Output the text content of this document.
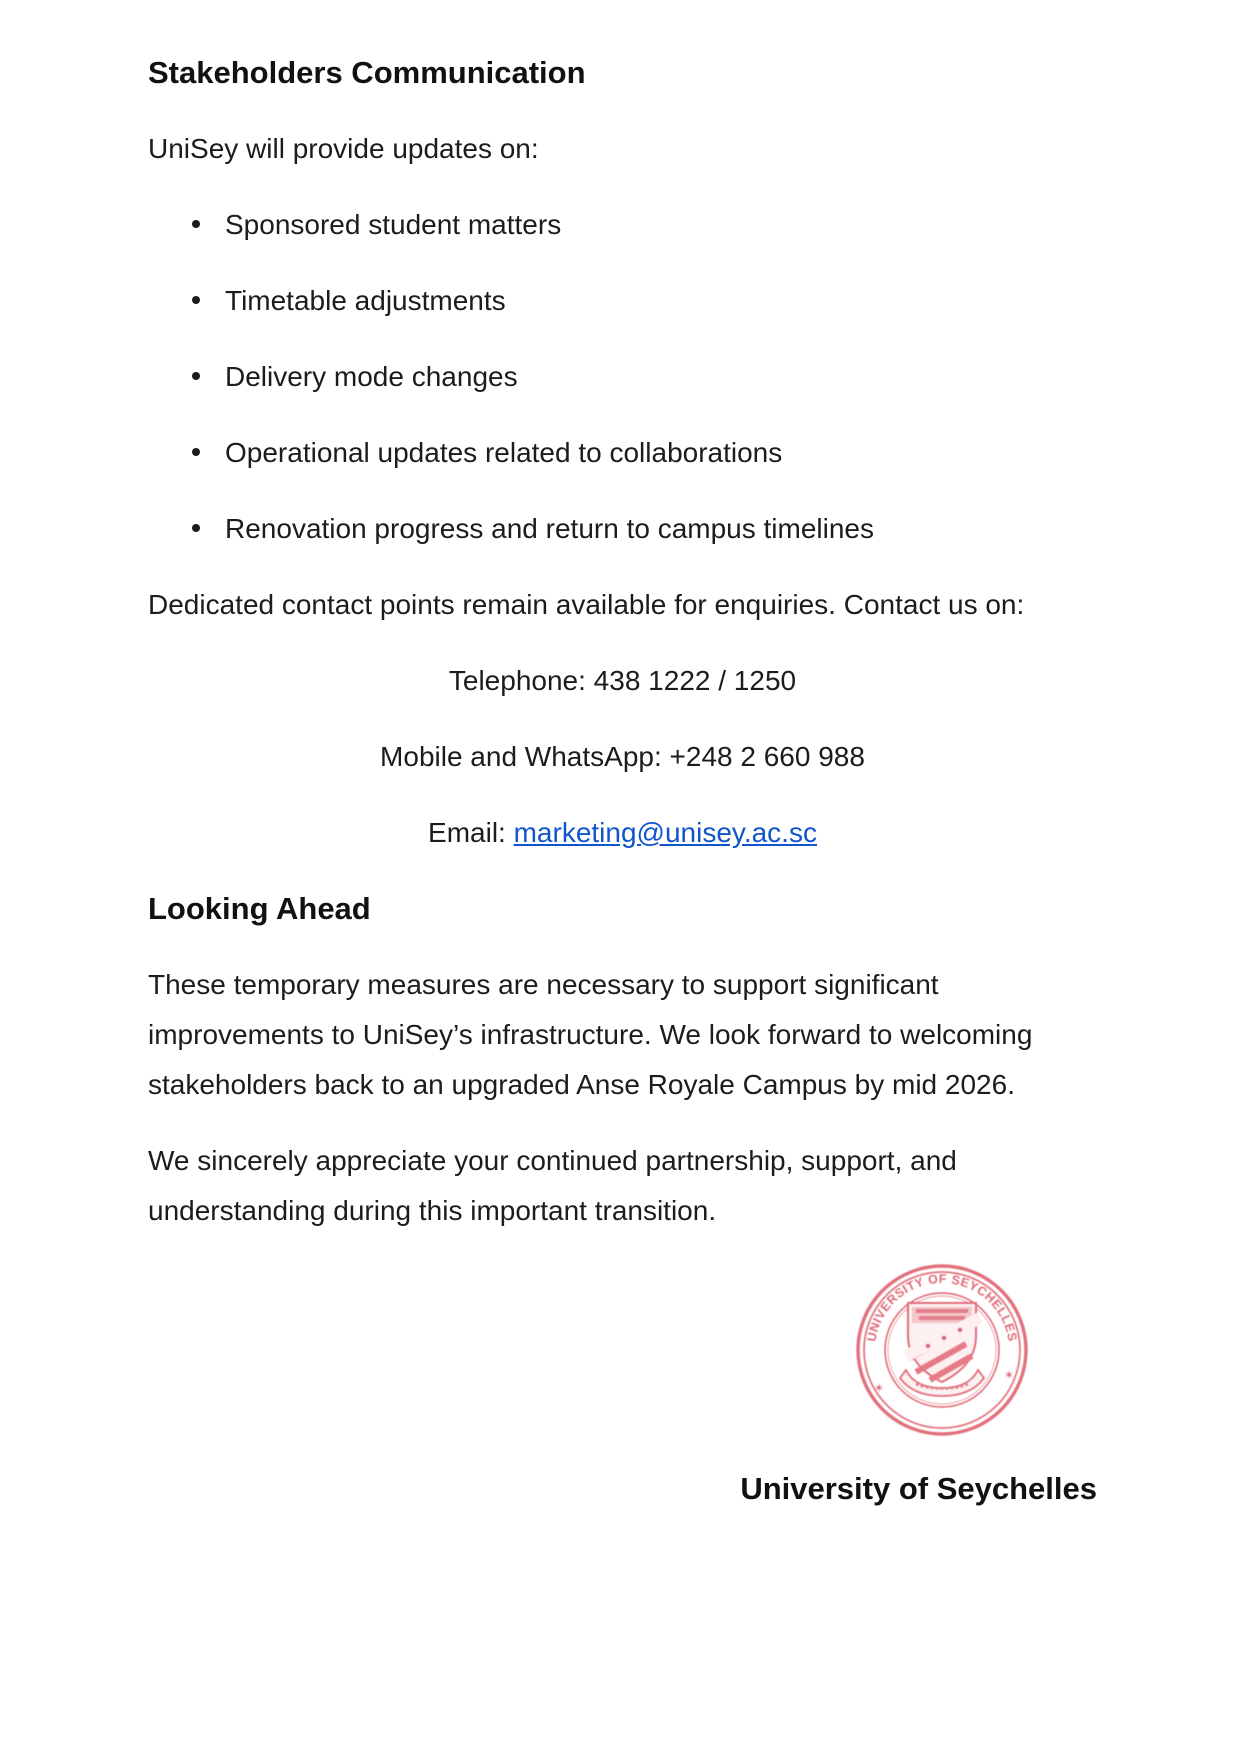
Stakeholders Communication

UniSey will provide updates on:

Sponsored student matters
Timetable adjustments
Delivery mode changes
Operational updates related to collaborations
Renovation progress and return to campus timelines

Dedicated contact points remain available for enquiries. Contact us on:

Telephone: 438 1222 / 1250

Mobile and WhatsApp: +248 2 660 988

Email: marketing@unisey.ac.sc

Looking Ahead

These temporary measures are necessary to support significant
improvements to UniSey’s infrastructure. We look forward to welcoming
stakeholders back to an upgraded Anse Royale Campus by mid 2026.

We sincerely appreciate your continued partnership, support, and
understanding during this important transition.

UNIVERSITY OF SEYCHELLES
✶
✶
University of Seychelles
